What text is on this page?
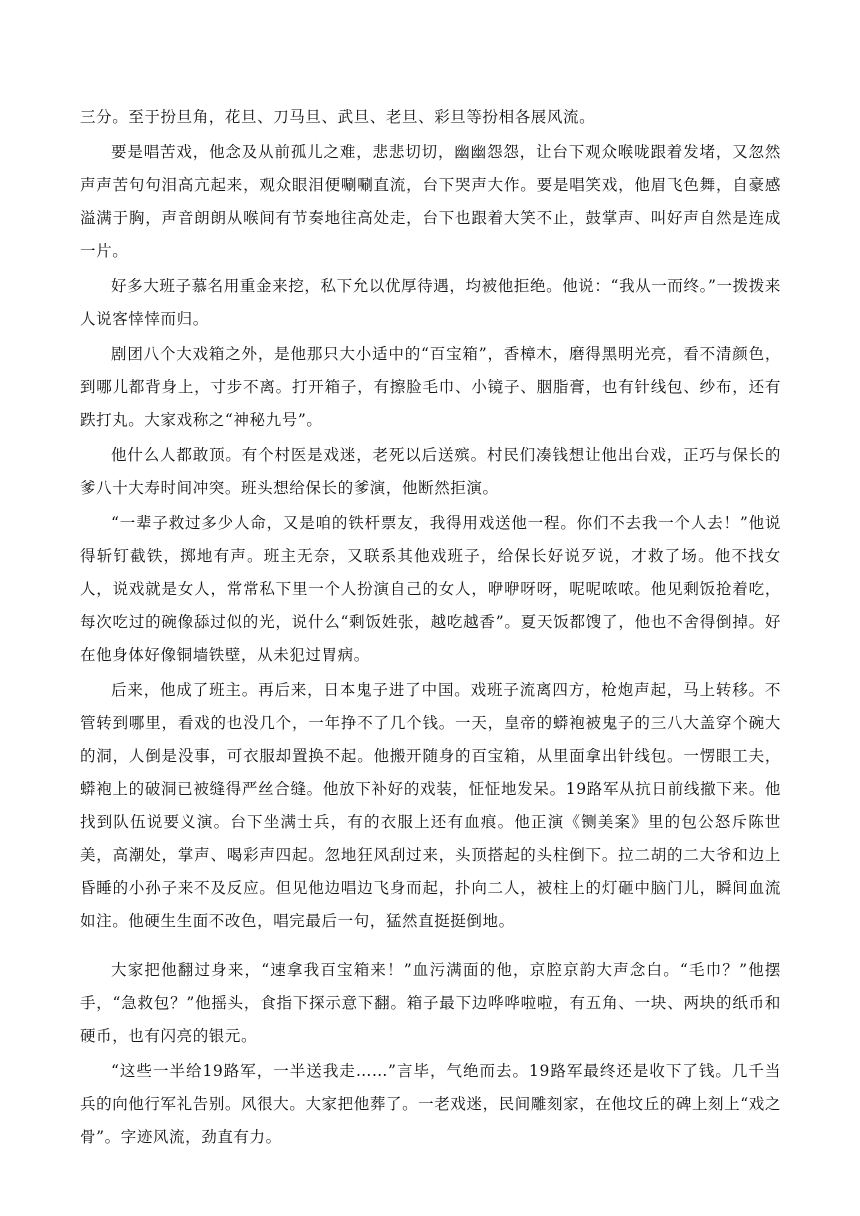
三分。至于扮旦角，花旦、刀马旦、武旦、老旦、彩旦等扮相各展风流。

要是唱苦戏，他念及从前孤儿之难，悲悲切切，幽幽怨怨，让台下观众喉咙跟着发堵，又忽然声声苦句句泪高亢起来，观众眼泪便唰唰直流，台下哭声大作。要是唱笑戏，他眉飞色舞，自豪感溢满于胸，声音朗朗从喉间有节奏地往高处走，台下也跟着大笑不止，鼓掌声、叫好声自然是连成一片。

好多大班子慕名用重金来挖，私下允以优厚待遇，均被他拒绝。他说：“我从一而终。”一拨拨来人说客悻悻而归。

剧团八个大戏箱之外，是他那只大小适中的“百宝箱”，香樟木，磨得黑明光亮，看不清颜色，到哪儿都背身上，寸步不离。打开箱子，有擦脸毛巾、小镜子、胭脂膏，也有针线包、纱布，还有跌打丸。大家戏称之“神秘九号”。

他什么人都敢顶。有个村医是戏迷，老死以后送殡。村民们凑钱想让他出台戏，正巧与保长的爹八十大寿时间冲突。班头想给保长的爹演，他断然拒演。

“一辈子救过多少人命，又是咱的铁杆票友，我得用戏送他一程。你们不去我一个人去！”他说得斩钉截铁，掷地有声。班主无奈，又联系其他戏班子，给保长好说歹说，才救了场。他不找女人，说戏就是女人，常常私下里一个人扮演自己的女人，咿咿呀呀，呢呢哝哝。他见剩饭抢着吃，每次吃过的碗像舔过似的光，说什么“剩饭姓张，越吃越香”。夏天饭都馊了，他也不舍得倒掉。好在他身体好像铜墙铁壁，从未犯过胃病。

后来，他成了班主。再后来，日本鬼子进了中国。戏班子流离四方，枪炮声起，马上转移。不管转到哪里，看戏的也没几个，一年挣不了几个钱。一天，皇帝的蟒袍被鬼子的三八大盖穿个碗大的洞，人倒是没事，可衣服却置换不起。他搬开随身的百宝箱，从里面拿出针线包。一愣眼工夫，蟒袍上的破洞已被缝得严丝合缝。他放下补好的戏装，怔怔地发呆。19路军从抗日前线撤下来。他找到队伍说要义演。台下坐满士兵，有的衣服上还有血痕。他正演《铡美案》里的包公怒斥陈世美，高潮处，掌声、喝彩声四起。忽地狂风刮过来，头顶搭起的头柱倒下。拉二胡的二大爷和边上昏睡的小孙子来不及反应。但见他边唱边飞身而起，扑向二人，被柱上的灯砸中脑门儿，瞬间血流如注。他硬生生面不改色，唱完最后一句，猛然直挺挺倒地。

大家把他翻过身来，“速拿我百宝箱来！”血污满面的他，京腔京韵大声念白。“毛巾？”他摆手，“急救包？”他摇头，食指下探示意下翻。箱子最下边哗哗啦啦，有五角、一块、两块的纸币和硬币，也有闪亮的银元。

“这些一半给19路军，一半送我走……”言毕，气绝而去。19路军最终还是收下了钱。几千当兵的向他行军礼告别。风很大。大家把他葬了。一老戏迷，民间雕刻家，在他坟丘的碑上刻上“戏之骨”。字迹风流，劲直有力。
